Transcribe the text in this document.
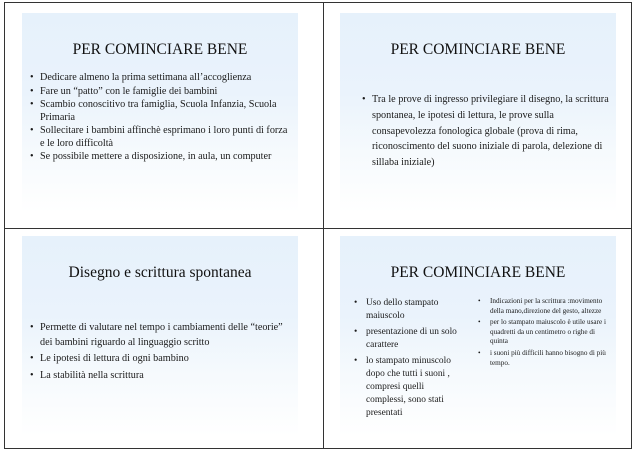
PER COMINCIARE BENE
• Dedicare almeno la prima settimana all’accoglienza
• Fare un “patto” con le famiglie dei bambini
• Scambio conoscitivo tra famiglia, Scuola Infanzia, Scuola Primaria
• Sollecitare i bambini affinchè esprimano i loro punti di forza e le loro difficoltà
• Se possibile mettere a disposizione, in aula, un computer
PER COMINCIARE BENE
• Tra le prove di ingresso privilegiare il disegno, la scrittura spontanea, le ipotesi di lettura, le prove sulla consapevolezza fonologica globale (prova di rima, riconoscimento del suono iniziale di parola, delezione di sillaba iniziale)
Disegno e scrittura spontanea
• Permette di valutare nel tempo i cambiamenti delle “teorie” dei bambini riguardo al linguaggio scritto
• Le ipotesi di lettura di ogni bambino
• La stabilità nella scrittura
PER COMINCIARE BENE
• Uso dello stampato maiuscolo
• presentazione di un solo carattere
• lo stampato minuscolo dopo che tutti i suoni , compresi quelli complessi, sono stati presentati
• Indicazioni per la scrittura :movimento della mano,direzione del gesto, altezze
• per lo stampato maiuscolo è utile usare i quadretti da un centimetro o righe di quinta
• i suoni più difficili hanno bisogno di più tempo.
